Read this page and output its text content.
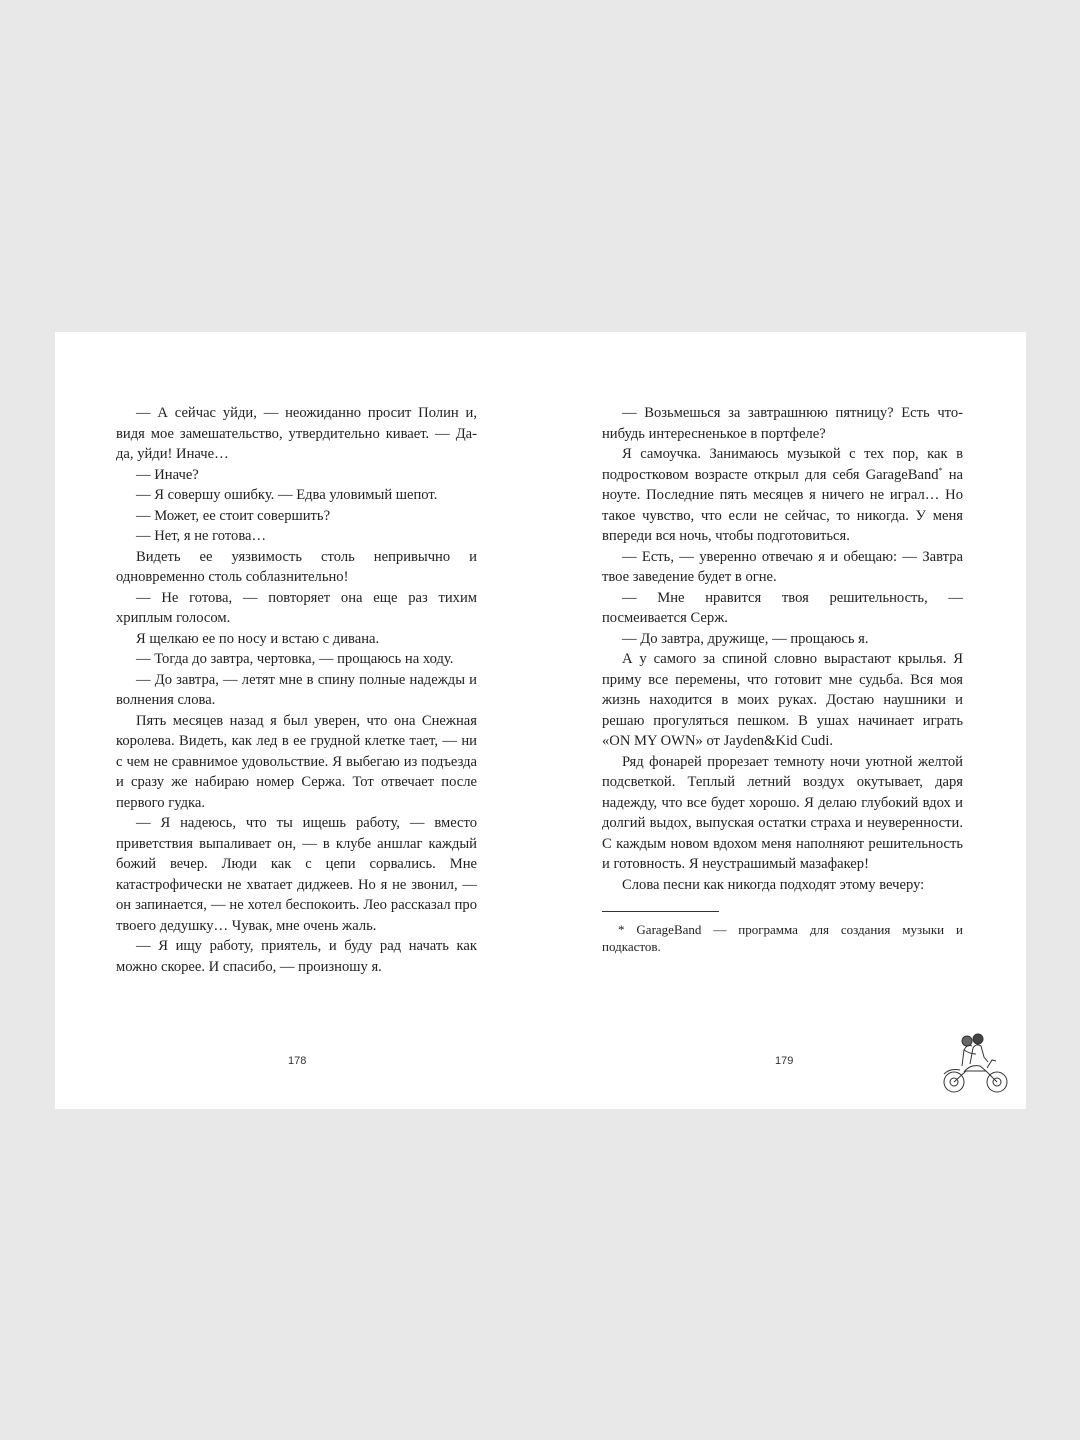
— А сейчас уйди, — неожиданно просит Полин и, видя мое замешательство, утвердительно кивает. — Да-да, уйди! Иначе…

— Иначе?

— Я совершу ошибку. — Едва уловимый шепот.

— Может, ее стоит совершить?

— Нет, я не готова…

Видеть ее уязвимость столь непривычно и одновременно столь соблазнительно!

— Не готова, — повторяет она еще раз тихим хриплым голосом.

Я щелкаю ее по носу и встаю с дивана.

— Тогда до завтра, чертовка, — прощаюсь на ходу.

— До завтра, — летят мне в спину полные надежды и волнения слова.

Пять месяцев назад я был уверен, что она Снежная королева. Видеть, как лед в ее грудной клетке тает, — ни с чем не сравнимое удовольствие. Я выбегаю из подъезда и сразу же набираю номер Сержа. Тот отвечает после первого гудка.

— Я надеюсь, что ты ищешь работу, — вместо приветствия выпаливает он, — в клубе аншлаг каждый божий вечер. Люди как с цепи сорвались. Мне катастрофически не хватает диджеев. Но я не звонил, — он запинается, — не хотел беспокоить. Лео рассказал про твоего дедушку… Чувак, мне очень жаль.

— Я ищу работу, приятель, и буду рад начать как можно скорее. И спасибо, — произношу я.

178

— Возьмешься за завтрашнюю пятницу? Есть что-нибудь интересненькое в портфеле?

Я самоучка. Занимаюсь музыкой с тех пор, как в подростковом возрасте открыл для себя GarageBand* на ноуте. Последние пять месяцев я ничего не играл… Но такое чувство, что если не сейчас, то никогда. У меня впереди вся ночь, чтобы подготовиться.

— Есть, — уверенно отвечаю я и обещаю: — Завтра твое заведение будет в огне.

— Мне нравится твоя решительность, — посмеивается Серж.

— До завтра, дружище, — прощаюсь я.

А у самого за спиной словно вырастают крылья. Я приму все перемены, что готовит мне судьба. Вся моя жизнь находится в моих руках. Достаю наушники и решаю прогуляться пешком. В ушах начинает играть «ON MY OWN» от Jayden&Kid Cudi.

Ряд фонарей прорезает темноту ночи уютной желтой подсветкой. Теплый летний воздух окутывает, даря надежду, что все будет хорошо. Я делаю глубокий вдох и долгий выдох, выпуская остатки страха и неуверенности. С каждым новом вдохом меня наполняют решительность и готовность. Я неустрашимый мазафакер!

Слова песни как никогда подходят этому вечеру:

* GarageBand — программа для создания музыки и подкастов.

179
